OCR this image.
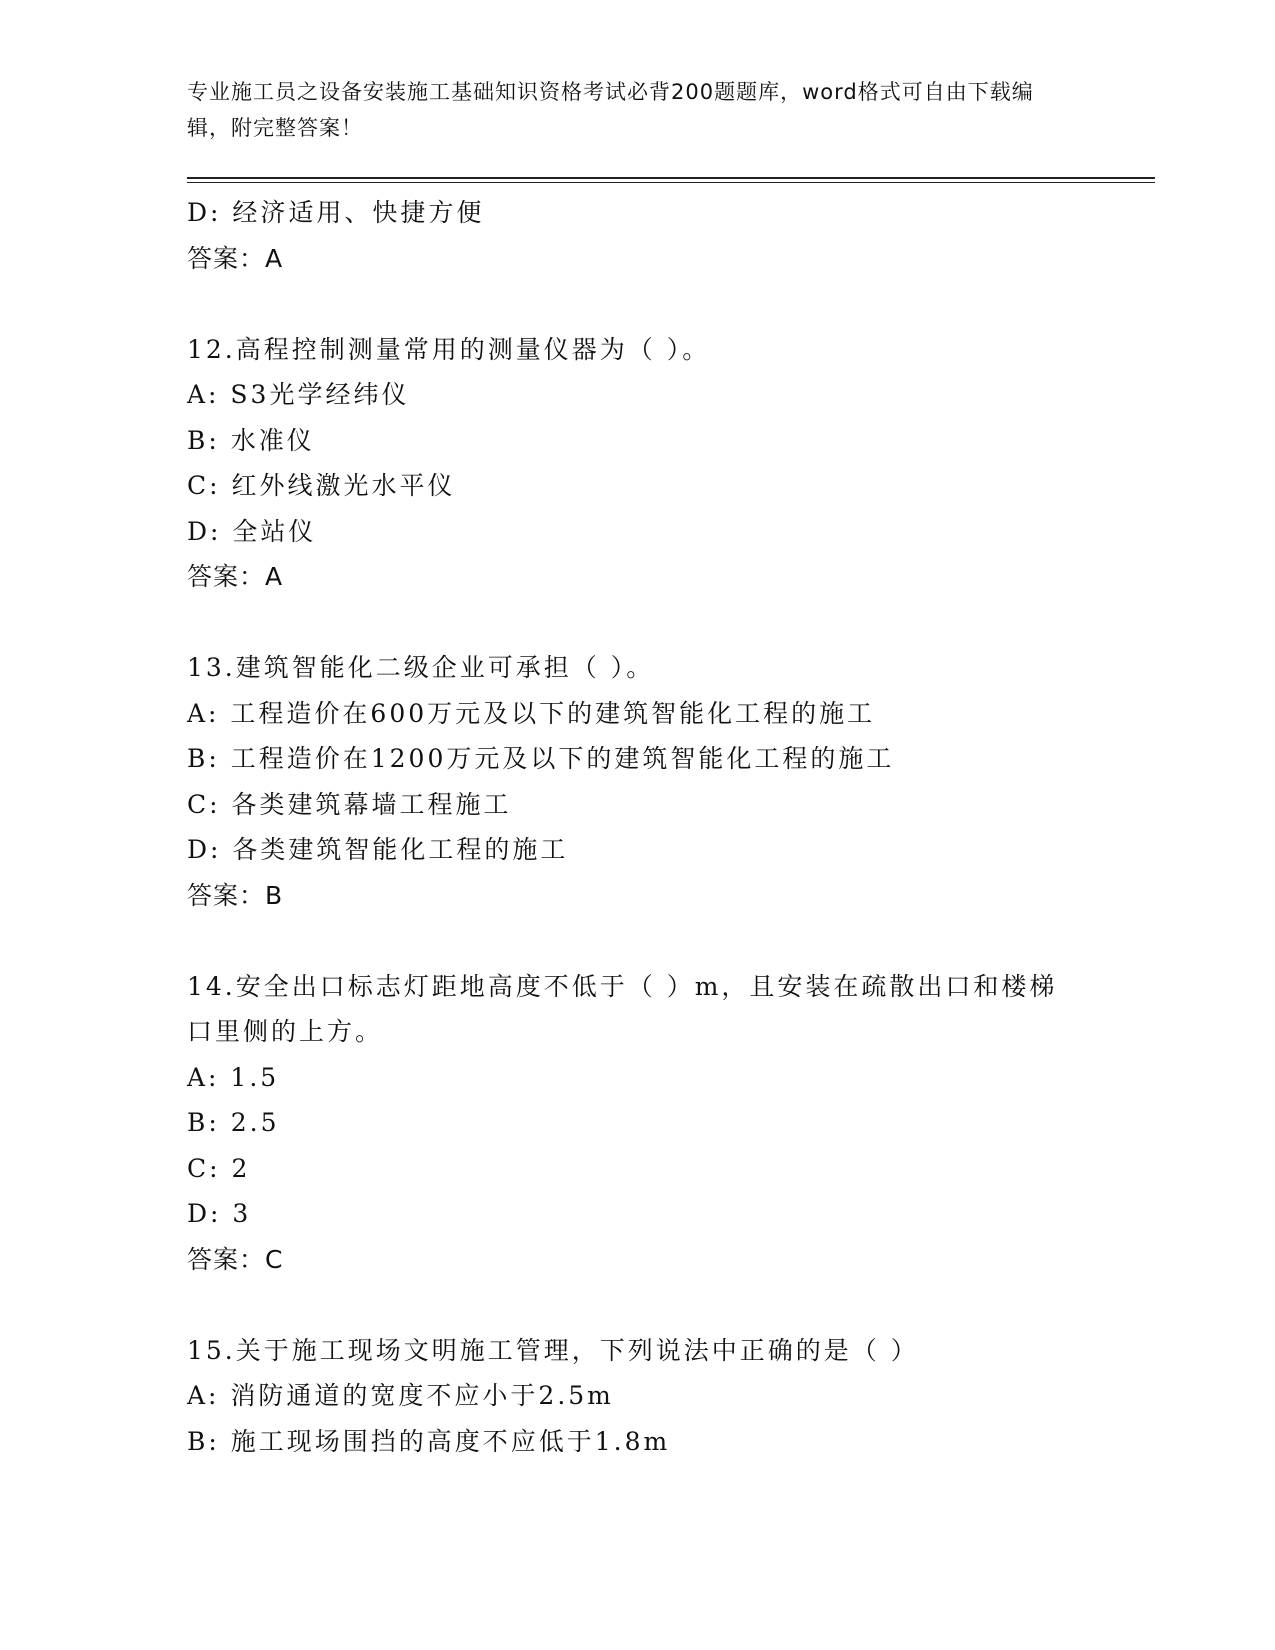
专业施工员之设备安装施工基础知识资格考试必背200题题库，word格式可自由下载编辑，附完整答案！
D: 经济适用、快捷方便
答案：A
12.高程控制测量常用的测量仪器为（ ）。
A: S3光学经纬仪
B: 水准仪
C: 红外线激光水平仪
D: 全站仪
答案：A
13.建筑智能化二级企业可承担（ ）。
A: 工程造价在600万元及以下的建筑智能化工程的施工
B: 工程造价在1200万元及以下的建筑智能化工程的施工
C: 各类建筑幕墙工程施工
D: 各类建筑智能化工程的施工
答案：B
14.安全出口标志灯距地高度不低于（ ）m，且安装在疏散出口和楼梯口里侧的上方。
A: 1.5
B: 2.5
C: 2
D: 3
答案：C
15.关于施工现场文明施工管理，下列说法中正确的是（ ）
A: 消防通道的宽度不应小于2.5m
B: 施工现场围挡的高度不应低于1.8m
